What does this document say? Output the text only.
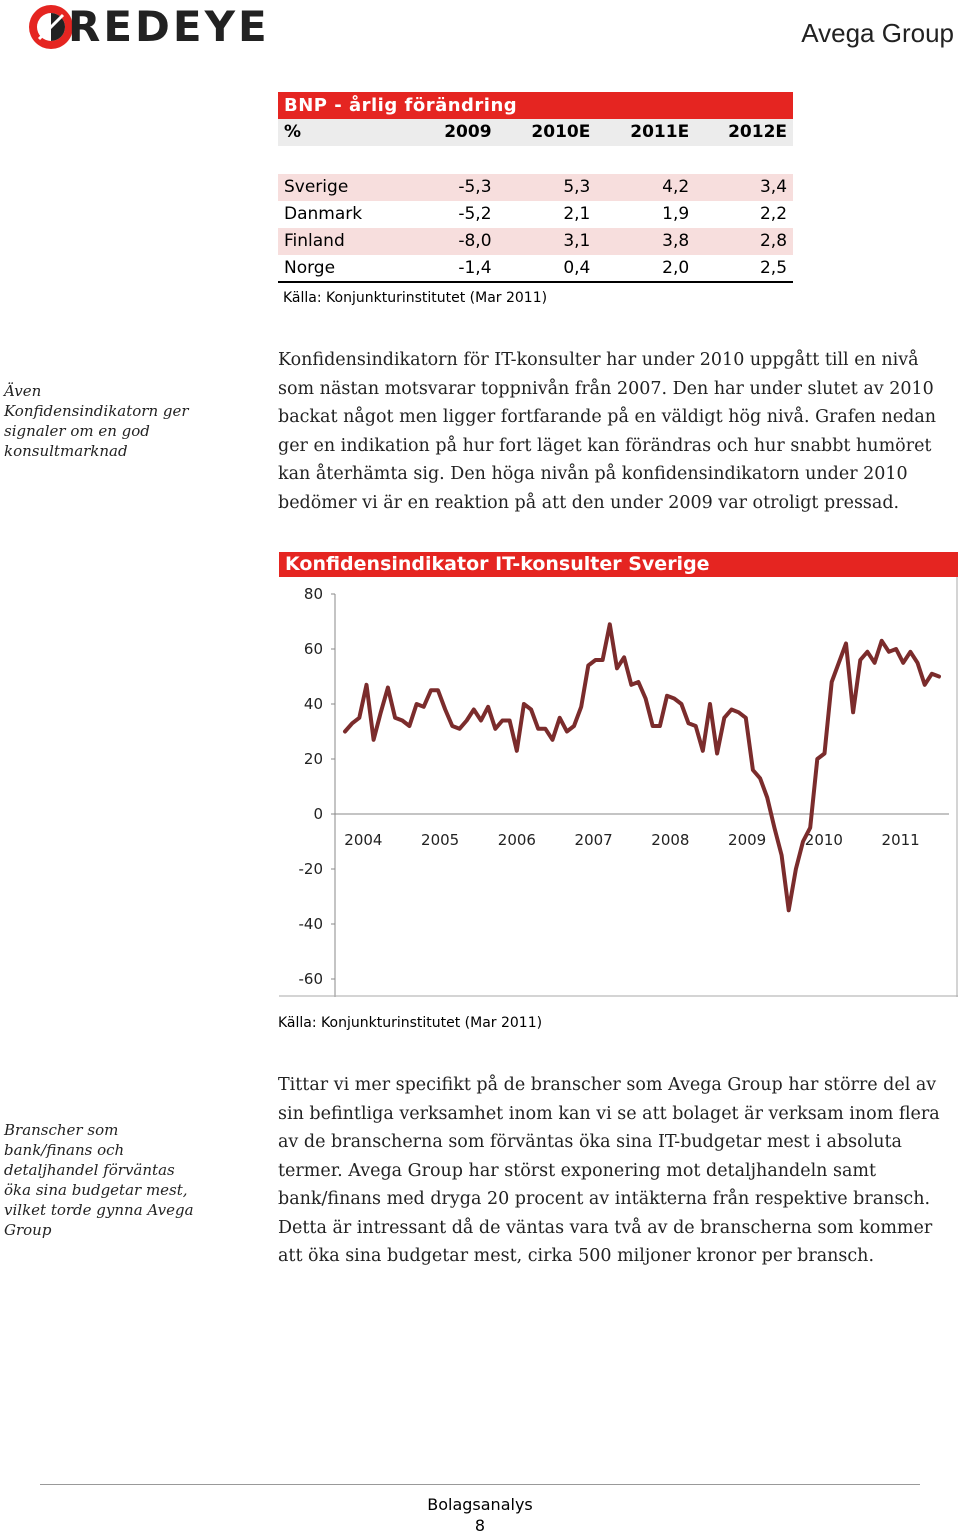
REDEYE	Avega Group
BNP - årlig förändring
%	2009	2010E	2011E	2012E
Sverige	-5,3	5,3	4,2	3,4
Danmark	-5,2	2,1	1,9	2,2
Finland	-8,0	3,1	3,8	2,8
Norge	-1,4	0,4	2,0	2,5
Källa: Konjunkturinstitutet (Mar 2011)
Även Konfidensindikatorn ger signaler om en god konsultmarknad
Konfidensindikatorn för IT-konsulter har under 2010 uppgått till en nivå som nästan motsvarar toppnivån från 2007. Den har under slutet av 2010 backat något men ligger fortfarande på en väldigt hög nivå. Grafen nedan ger en indikation på hur fort läget kan förändras och hur snabbt humöret kan återhämta sig. Den höga nivån på konfidensindikatorn under 2010 bedömer vi är en reaktion på att den under 2009 var otroligt pressad.
Konfidensindikator IT-konsulter Sverige
80
60
40
20
0
-20
-40
-60
2004	2005	2006	2007	2008	2009	2010	2011
Källa: Konjunkturinstitutet (Mar 2011)
Branscher som bank/finans och detaljhandel förväntas öka sina budgetar mest, vilket torde gynna Avega Group
Tittar vi mer specifikt på de branscher som Avega Group har större del av sin befintliga verksamhet inom kan vi se att bolaget är verksam inom flera av de branscherna som förväntas öka sina IT-budgetar mest i absoluta termer. Avega Group har störst exponering mot detaljhandeln samt bank/finans med dryga 20 procent av intäkterna från respektive bransch. Detta är intressant då de väntas vara två av de branscherna som kommer att öka sina budgetar mest, cirka 500 miljoner kronor per bransch.
Bolagsanalys
8
